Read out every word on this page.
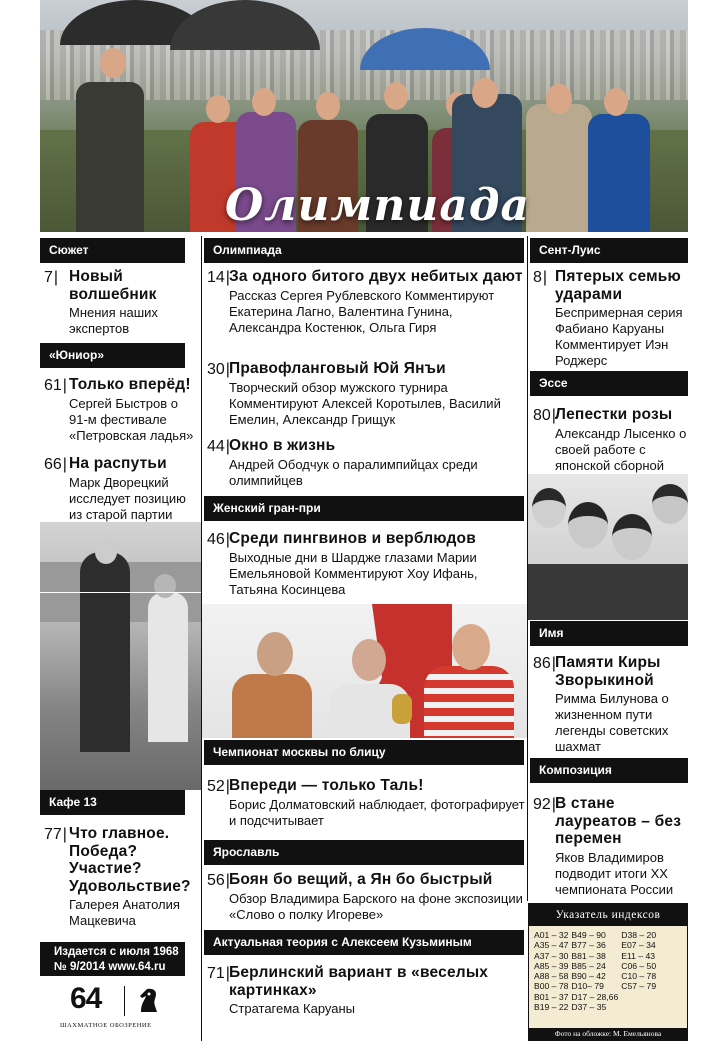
Олимпиада
Сюжет
7 |	Новый волшебник
Мнения наших экспертов
«Юниор»
61 | Только вперёд!
Сергей Быстров о 91-м фестивале «Петровская ладья»
66 | На распутьи
Марк Дворецкий исследует позицию из старой партии
Кафе 13
77 | Что главное. Победа? Участие? Удовольствие?
Галерея Анатолия Мацкевича
Издается с июля 1968
№ 9/2014 www.64.ru
64
ШАХМАТНОЕ ОБОЗРЕНИЕ
Олимпиада
14 | За одного битого двух небитых дают
Рассказ Сергея Рублевского Комментируют Екатерина Лагно, Валентина Гунина, Александра Костенюк, Ольга Гиря
30 | Правофланговый Юй Янъи
Творческий обзор мужского турнира Комментируют Алексей Коротылев, Василий Емелин, Александр Грищук
44 | Окно в жизнь
Андрей Ободчук о паралимпийцах среди олимпийцев
Женский гран-при
46 | Среди пингвинов и верблюдов
Выходные дни в Шардже глазами Марии Емельяновой Комментируют Хоу Ифань, Татьяна Косинцева
Чемпионат москвы по блицу
52 | Впереди — только Таль!
Борис Долматовский наблюдает, фотографирует и подсчитывает
Ярославль
56 | Боян бо вещий, а Ян бо быстрый
Обзор Владимира Барского на фоне экспозиции «Слово о полку Игореве»
Актуальная теория с Алексеем Кузьминым
71 | Берлинский вариант в «веселых картинках»
Стратагема Каруаны
Сент-Луис
8 | Пятерых семью ударами
Беспримерная серия Фабиано Каруаны Комментирует Иэн Роджерс
Эссе
80 | Лепестки розы
Александр Лысенко о своей работе с японской сборной
Имя
86 | Памяти Киры Зворыкиной
Римма Билунова о жизненном пути легенды советских шахмат
Композиция
92 | В стане лауреатов – без перемен
Яков Владимиров подводит итоги XX чемпионата России
Указатель индексов
A01 – 32	B49 – 90	D38 – 20
A35 – 47	B77 – 36	E07 – 34
A37 – 30	B81 – 38	E11 – 43
A85 – 39	B85 – 24	C06 – 50
A88 – 58	B90 – 42	C10 – 78
B00 – 78	D10– 79	C57 – 79
B01 – 37	D17 – 28,66	
B19 – 22	D37 – 35	
Фото на обложке: М. Емельянова
